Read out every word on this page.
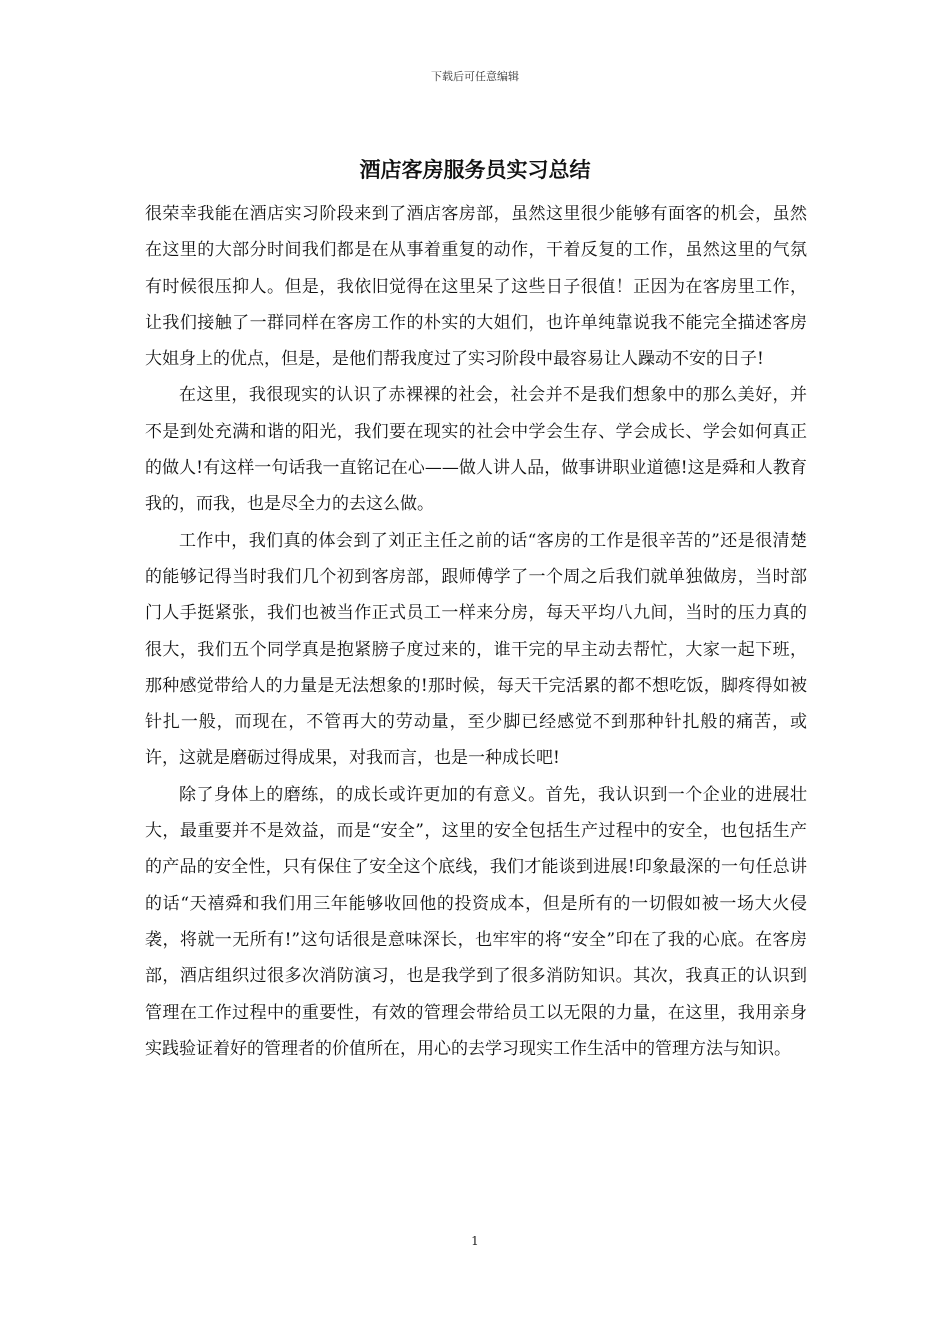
下载后可任意编辑
酒店客房服务员实习总结

很荣幸我能在酒店实习阶段来到了酒店客房部，虽然这里很少能够有面客的机会，虽然在这里的大部分时间我们都是在从事着重复的动作，干着反复的工作，虽然这里的气氛有时候很压抑人。但是，我依旧觉得在这里呆了这些日子很值！正因为在客房里工作，让我们接触了一群同样在客房工作的朴实的大姐们，也许单纯靠说我不能完全描述客房大姐身上的优点，但是，是他们帮我度过了实习阶段中最容易让人躁动不安的日子!

在这里，我很现实的认识了赤裸裸的社会，社会并不是我们想象中的那么美好，并不是到处充满和谐的阳光，我们要在现实的社会中学会生存、学会成长、学会如何真正的做人!有这样一句话我一直铭记在心——做人讲人品，做事讲职业道德!这是舜和人教育我的，而我，也是尽全力的去这么做。

工作中，我们真的体会到了刘正主任之前的话“客房的工作是很辛苦的”还是很清楚的能够记得当时我们几个初到客房部，跟师傅学了一个周之后我们就单独做房，当时部门人手挺紧张，我们也被当作正式员工一样来分房，每天平均八九间，当时的压力真的很大，我们五个同学真是抱紧膀子度过来的，谁干完的早主动去帮忙，大家一起下班，那种感觉带给人的力量是无法想象的!那时候，每天干完活累的都不想吃饭，脚疼得如被针扎一般，而现在，不管再大的劳动量，至少脚已经感觉不到那种针扎般的痛苦，或许，这就是磨砺过得成果，对我而言，也是一种成长吧!

除了身体上的磨练，的成长或许更加的有意义。首先，我认识到一个企业的进展壮大，最重要并不是效益，而是“安全”，这里的安全包括生产过程中的安全，也包括生产的产品的安全性，只有保住了安全这个底线，我们才能谈到进展!印象最深的一句任总讲的话“天禧舜和我们用三年能够收回他的投资成本，但是所有的一切假如被一场大火侵袭，将就一无所有!”这句话很是意味深长，也牢牢的将“安全”印在了我的心底。在客房部，酒店组织过很多次消防演习，也是我学到了很多消防知识。其次，我真正的认识到管理在工作过程中的重要性，有效的管理会带给员工以无限的力量，在这里，我用亲身实践验证着好的管理者的价值所在，用心的去学习现实工作生活中的管理方法与知识。

1
